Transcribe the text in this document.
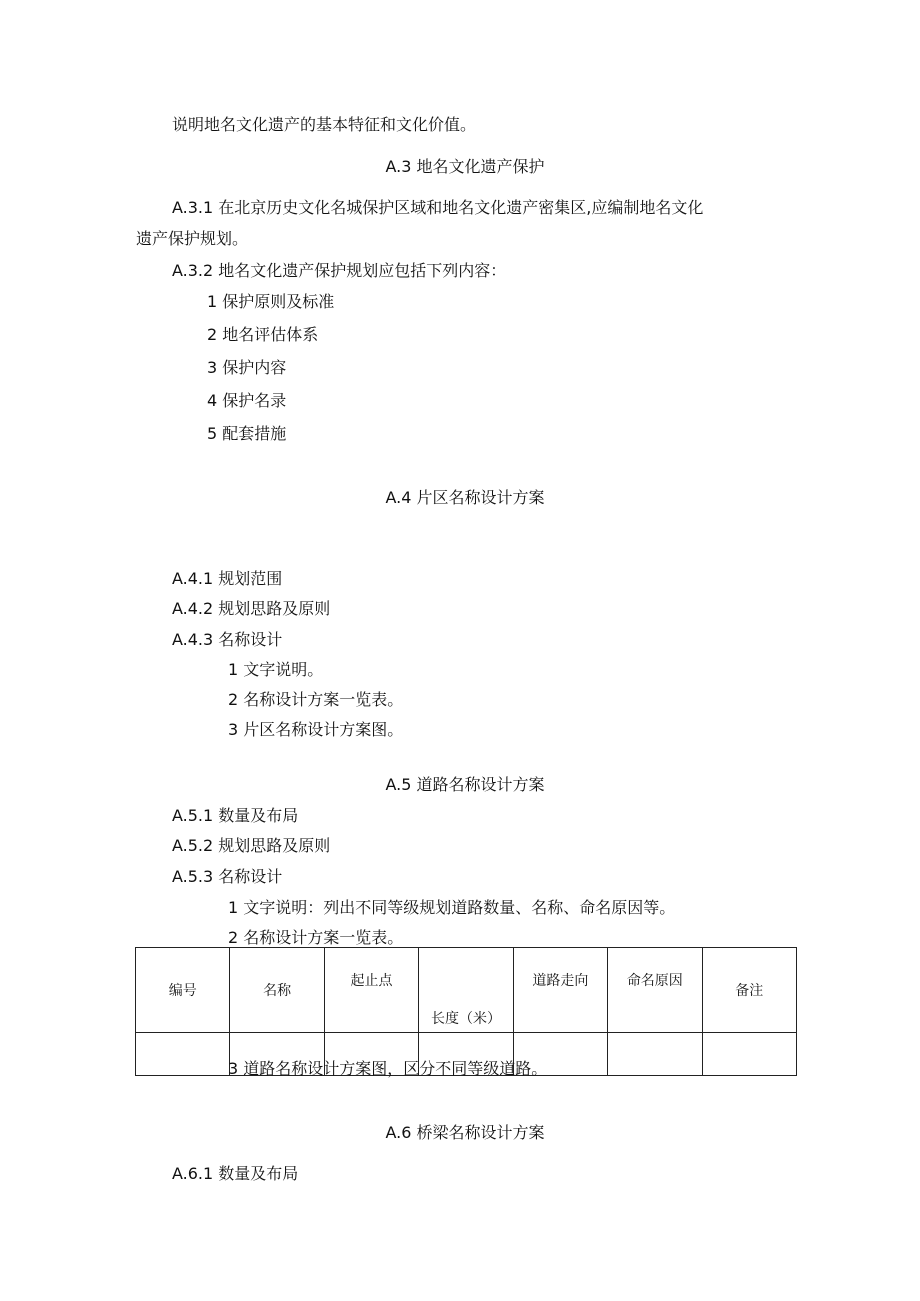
说明地名文化遗产的基本特征和文化价值。
A.3 地名文化遗产保护
A.3.1 在北京历史文化名城保护区域和地名文化遗产密集区,应编制地名文化
遗产保护规划。
A.3.2 地名文化遗产保护规划应包括下列内容：
1 保护原则及标准
2 地名评估体系
3 保护内容
4 保护名录
5 配套措施
A.4 片区名称设计方案
A.4.1 规划范围
A.4.2 规划思路及原则
A.4.3 名称设计
1 文字说明。
2 名称设计方案一览表。
3 片区名称设计方案图。
A.5 道路名称设计方案
A.5.1 数量及布局
A.5.2 规划思路及原则
A.5.3 名称设计
1 文字说明：列出不同等级规划道路数量、名称、命名原因等。
2 名称设计方案一览表。
编号	名称	起止点	长度（米）	道路走向	命名原因	备注

3 道路名称设计方案图，区分不同等级道路。
A.6 桥梁名称设计方案
A.6.1 数量及布局
